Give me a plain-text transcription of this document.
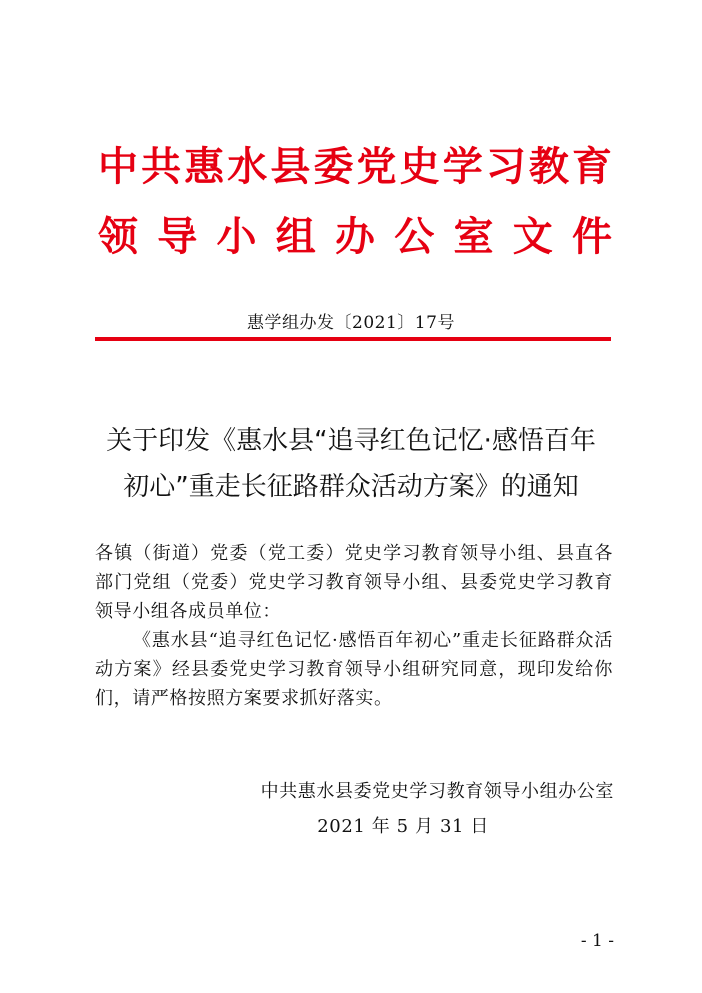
中共惠水县委党史学习教育
领导小组办公室文件
惠学组办发〔2021〕17号
关于印发《惠水县“追寻红色记忆·感悟百年
初心”重走长征路群众活动方案》的通知

各镇（街道）党委（党工委）党史学习教育领导小组、县直各部门党组（党委）党史学习教育领导小组、县委党史学习教育领导小组各成员单位：

《惠水县“追寻红色记忆·感悟百年初心”重走长征路群众活动方案》经县委党史学习教育领导小组研究同意，现印发给你们，请严格按照方案要求抓好落实。

中共惠水县委党史学习教育领导小组办公室
2021 年 5 月 31 日
- 1 -
